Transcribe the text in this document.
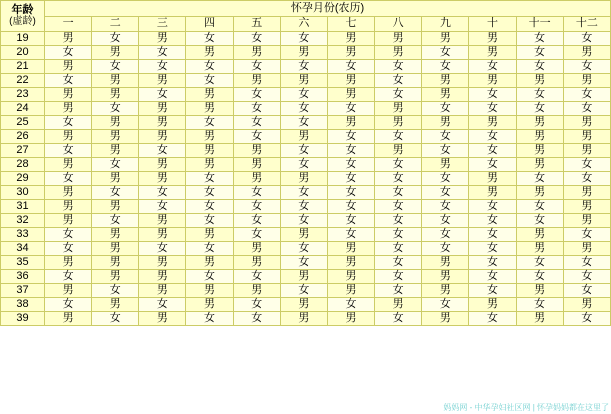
年龄
(虚龄)	怀孕月份(农历)											
	一	二	三	四	五	六	七	八	九	十	十一	十二
19	男	女	男	女	女	女	男	男	男	男	女	女
20	女	男	女	男	男	男	男	男	女	男	女	男
21	男	女	女	女	女	女	女	女	女	女	女	女
22	女	男	男	女	男	男	男	女	男	男	男	男
23	男	男	女	男	女	女	男	女	男	女	女	女
24	男	女	男	男	女	女	女	男	女	女	女	女
25	女	男	男	女	女	女	男	男	男	男	男	男
26	男	男	男	男	女	男	女	女	女	女	男	男
27	女	男	女	男	男	女	女	男	女	女	男	男
28	男	女	男	男	男	女	女	女	男	女	男	女
29	女	男	男	女	男	男	女	女	女	男	女	女
30	男	女	女	女	女	女	女	女	女	男	男	男
31	男	男	女	女	女	女	女	女	女	女	女	男
32	男	女	男	女	女	女	女	女	女	女	女	男
33	女	男	男	男	女	男	女	女	女	女	男	女
34	女	男	女	女	男	女	男	女	女	女	男	男
35	男	男	男	男	男	女	男	女	男	女	女	女
36	女	男	男	女	女	男	男	女	男	女	女	女
37	男	女	男	男	男	女	男	女	男	女	男	女
38	女	男	女	男	女	男	女	男	女	男	女	男
39	男	女	男	女	女	男	男	女	男	女	男	女
妈妈网 - 中华孕妇社区网 | 怀孕妈妈都在这里了
